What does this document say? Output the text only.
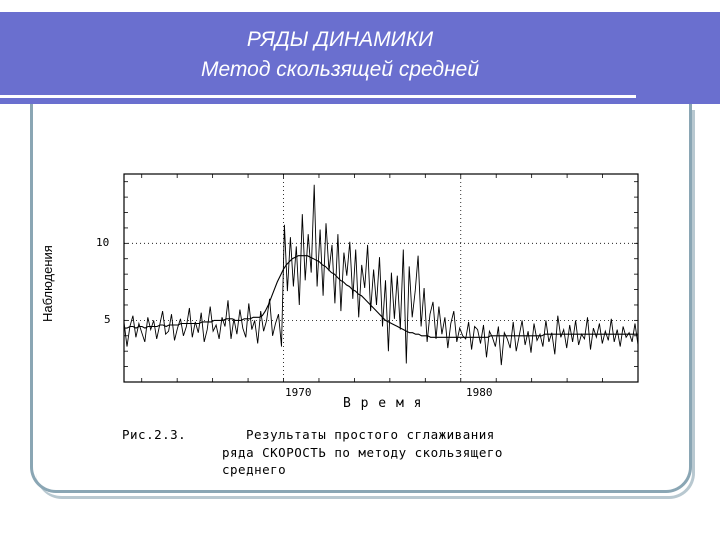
РЯДЫ ДИНАМИКИ
Метод скользящей средней
10
5
1970	1980
В р е м я
Наблюдения
Рис.2.3.	Результаты простого сглаживания
ряда СКОРОСТЬ по методу скользящего
среднего
